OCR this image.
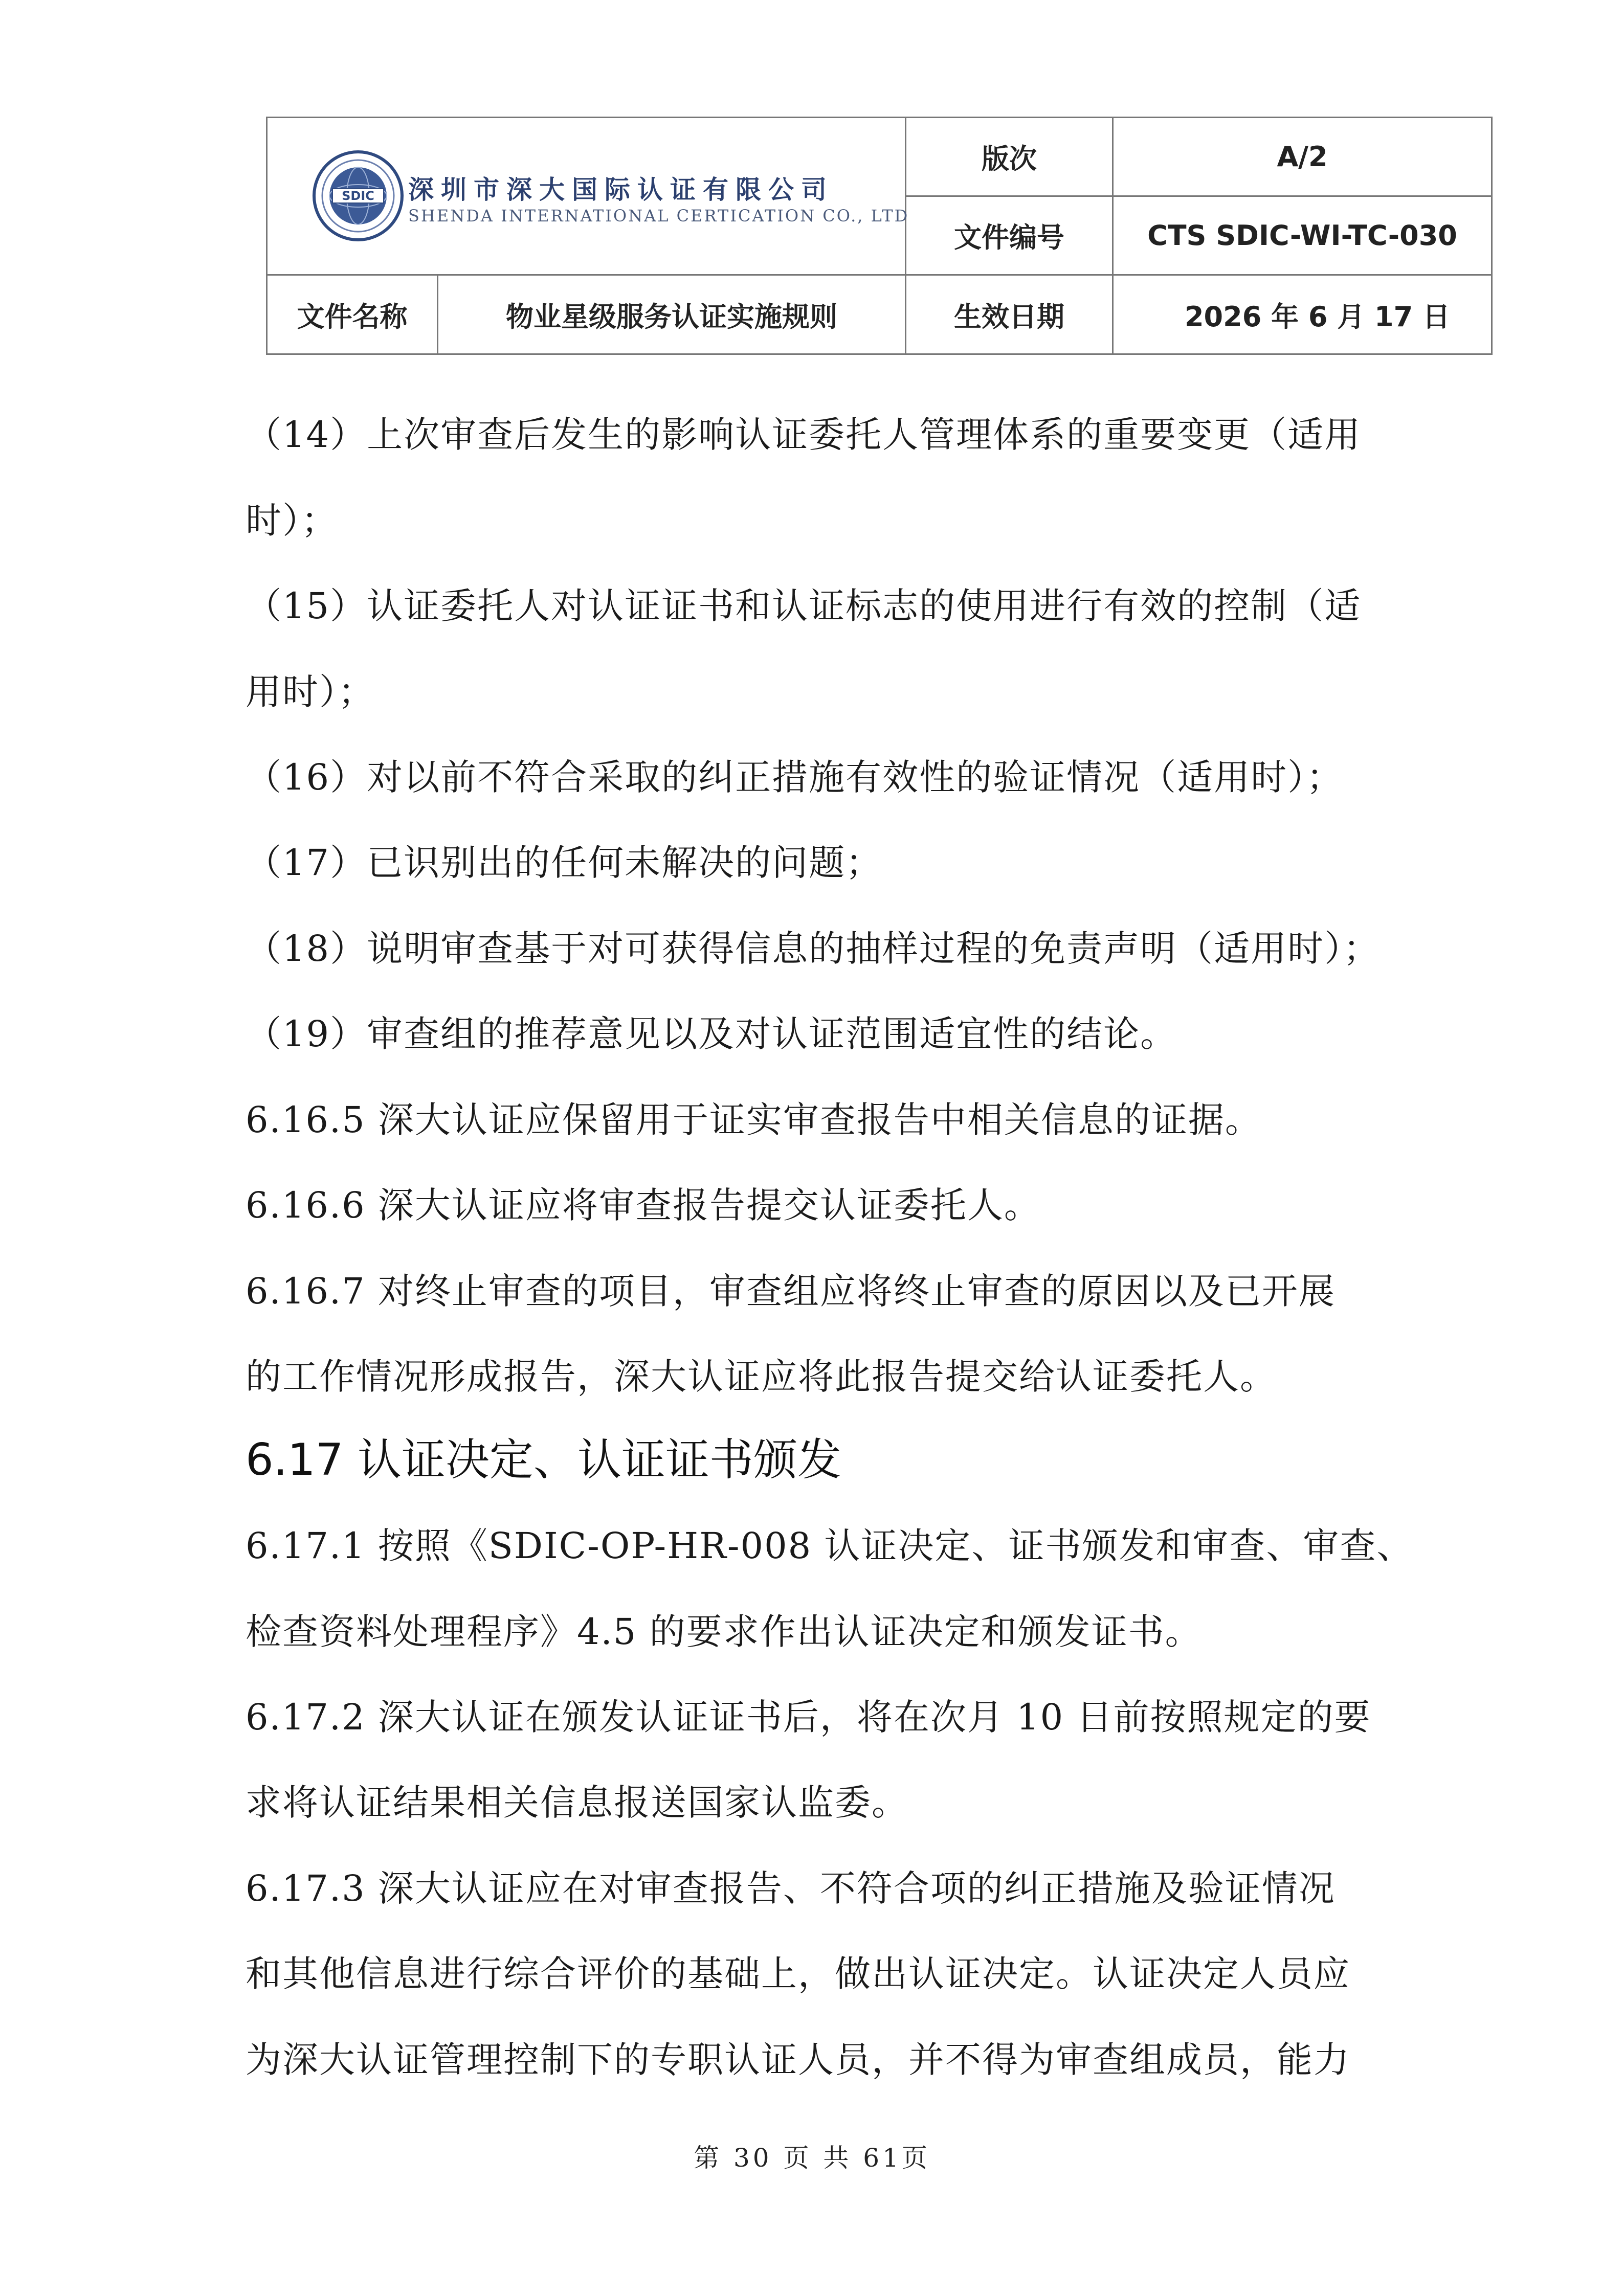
SDIC 深圳市深大国际认证有限公司
SHENDA INTERNATIONAL CERTICATION CO., LTD		版次	A/2
		文件编号	CTS SDIC-WI-TC-030
文件名称	物业星级服务认证实施规则	生效日期	2026 年 6 月 17 日
（14）上次审查后发生的影响认证委托人管理体系的重要变更（适用
时）；
（15）认证委托人对认证证书和认证标志的使用进行有效的控制（适
用时）；
（16）对以前不符合采取的纠正措施有效性的验证情况（适用时）；
（17）已识别出的任何未解决的问题；
（18）说明审查基于对可获得信息的抽样过程的免责声明（适用时）；
（19）审查组的推荐意见以及对认证范围适宜性的结论。
6.16.5 深大认证应保留用于证实审查报告中相关信息的证据。
6.16.6 深大认证应将审查报告提交认证委托人。
6.16.7 对终止审查的项目，审查组应将终止审查的原因以及已开展
的工作情况形成报告，深大认证应将此报告提交给认证委托人。
6.17 认证决定、认证证书颁发
6.17.1 按照《SDIC-OP-HR-008 认证决定、证书颁发和审查、审查、
检查资料处理程序》4.5 的要求作出认证决定和颁发证书。
6.17.2 深大认证在颁发认证证书后，将在次月 10 日前按照规定的要
求将认证结果相关信息报送国家认监委。
6.17.3 深大认证应在对审查报告、不符合项的纠正措施及验证情况
和其他信息进行综合评价的基础上，做出认证决定。认证决定人员应
为深大认证管理控制下的专职认证人员，并不得为审查组成员，能力
第 30 页 共 61页
